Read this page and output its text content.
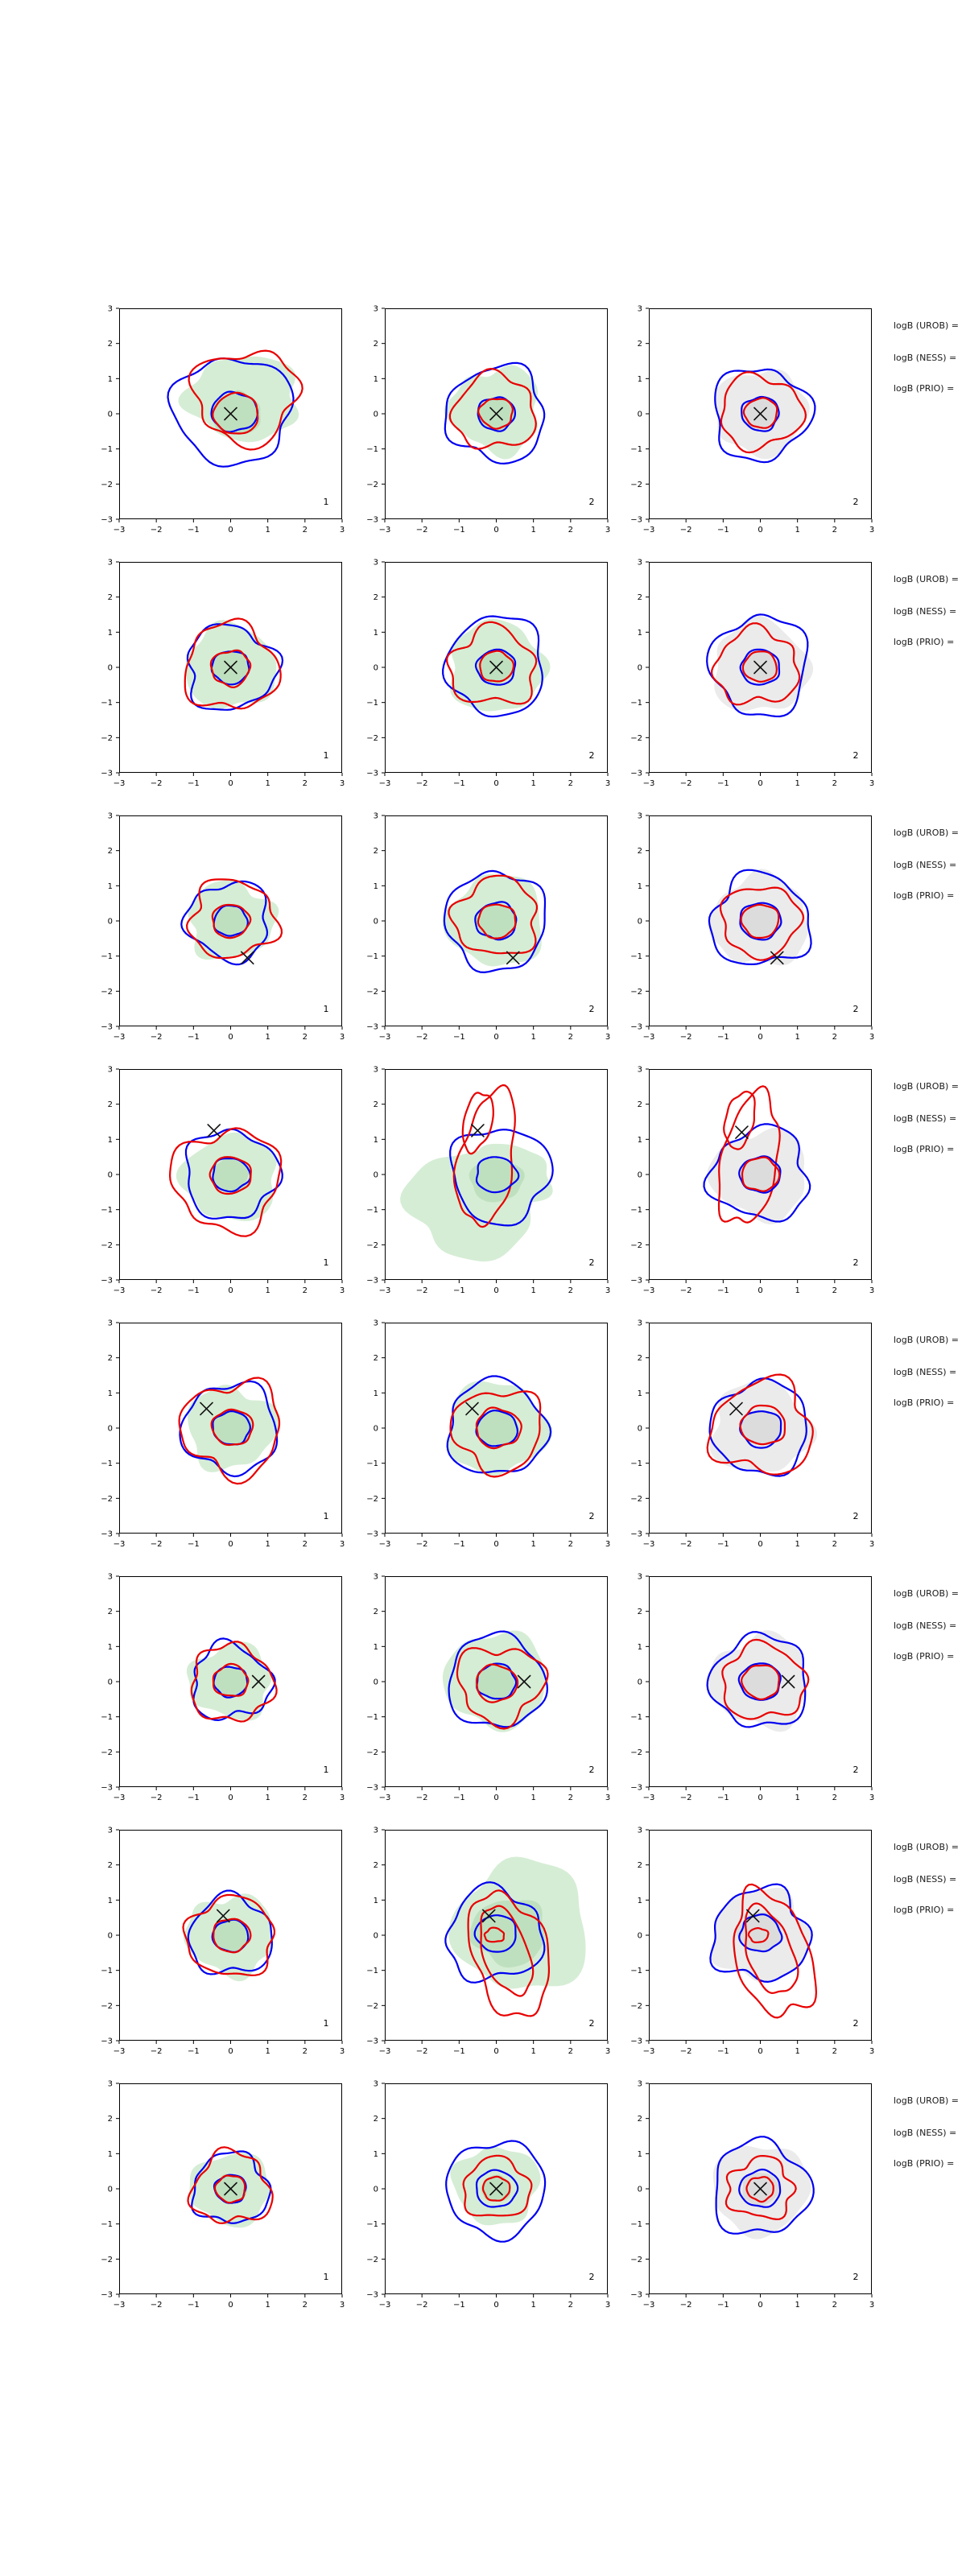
−3	−2	−1	0	1	2	3
−3
−2
−1
0
1
2
3
1
−3	−2	−1	0	1	2	3
−3
−2
−1
0
1
2
3
2
−3	−2	−1	0	1	2	3
−3
−2
−1
0
1
2
3
2
−3	−2	−1	0	1	2	3
−3
−2
−1
0
1
2
3
1
−3	−2	−1	0	1	2	3
−3
−2
−1
0
1
2
3
2
−3	−2	−1	0	1	2	3
−3
−2
−1
0
1
2
3
2
−3	−2	−1	0	1	2	3
−3
−2
−1
0
1
2
3
1
−3	−2	−1	0	1	2	3
−3
−2
−1
0
1
2
3
2
−3	−2	−1	0	1	2	3
−3
−2
−1
0
1
2
3
2
−3	−2	−1	0	1	2	3
−3
−2
−1
0
1
2
3
1
−3	−2	−1	0	1	2	3
−3
−2
−1
0
1
2
3
2
−3	−2	−1	0	1	2	3
−3
−2
−1
0
1
2
3
2
−3	−2	−1	0	1	2	3
−3
−2
−1
0
1
2
3
1
−3	−2	−1	0	1	2	3
−3
−2
−1
0
1
2
3
2
−3	−2	−1	0	1	2	3
−3
−2
−1
0
1
2
3
2
−3	−2	−1	0	1	2	3
−3
−2
−1
0
1
2
3
1
−3	−2	−1	0	1	2	3
−3
−2
−1
0
1
2
3
2
−3	−2	−1	0	1	2	3
−3
−2
−1
0
1
2
3
2
−3	−2	−1	0	1	2	3
−3
−2
−1
0
1
2
3
1
−3	−2	−1	0	1	2	3
−3
−2
−1
0
1
2
3
2
−3	−2	−1	0	1	2	3
−3
−2
−1
0
1
2
3
2
−3	−2	−1	0	1	2	3
−3
−2
−1
0
1
2
3
1
−3	−2	−1	0	1	2	3
−3
−2
−1
0
1
2
3
2
−3	−2	−1	0	1	2	3
−3
−2
−1
0
1
2
3
2
logB (UROB) =
logB (NESS) =
logB (PRIO) =
logB (UROB) =
logB (NESS) =
logB (PRIO) =
logB (UROB) =
logB (NESS) =
logB (PRIO) =
logB (UROB) =
logB (NESS) =
logB (PRIO) =
logB (UROB) =
logB (NESS) =
logB (PRIO) =
logB (UROB) =
logB (NESS) =
logB (PRIO) =
logB (UROB) =
logB (NESS) =
logB (PRIO) =
logB (UROB) =
logB (NESS) =
logB (PRIO) =
